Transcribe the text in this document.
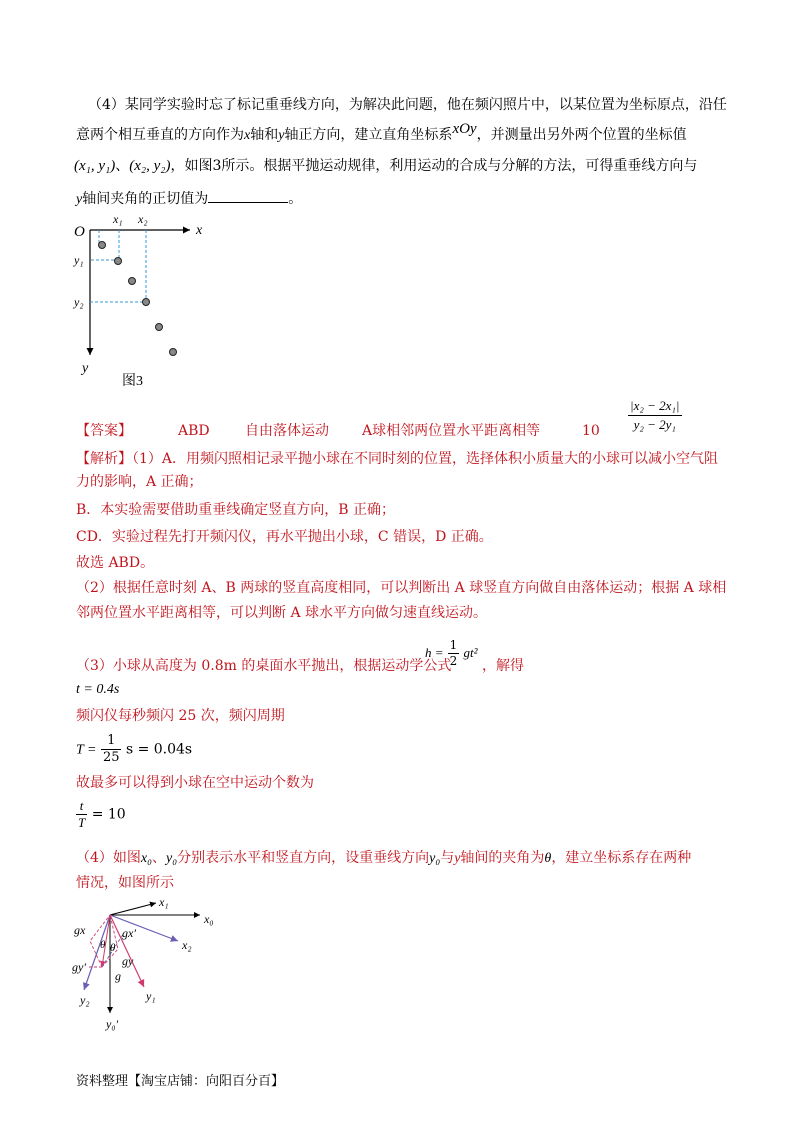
（4）某同学实验时忘了标记重垂线方向，为解决此问题，他在频闪照片中，以某位置为坐标原点，沿任
意两个相互垂直的方向作为x轴和y轴正方向，建立直角坐标系xOy，并测量出另外两个位置的坐标值
(x₁, y₁)、(x₂, y₂)，如图3所示。根据平抛运动规律，利用运动的合成与分解的方法，可得重垂线方向与
y轴间夹角的正切值为	。
O	x
y
x₁ x₂
y₁
y₂
图3
【答案】	ABD	自由落体运动 A球相邻两位置水平距离相等	$10 \frac{\text{|x₂ − 2x₁|}}{\text{y₂ − 2y₁}}$
【解析】（1）A．用频闪照相记录平抛小球在不同时刻的位置，选择体积小质量大的小球可以减小空气阻
力的影响，A 正确；
B．本实验需要借助重垂线确定竖直方向，B 正确；
CD．实验过程先打开频闪仪，再水平抛出小球，C 错误，D 正确。
故选 ABD。
（2）根据任意时刻 A、B 两球的竖直高度相同，可以判断出 A 球竖直方向做自由落体运动；根据 A 球相
邻两位置水平距离相等，可以判断 A 球水平方向做匀速直线运动。
（3）小球从高度为 0.8m 的桌面水平抛出，根据运动学公式
$h = \frac{1}{2} gt^2$
，解得
t = 0.4s
频闪仪每秒频闪 25 次，频闪周期
$T = \frac{1}{25}$ s = 0.04s
故最多可以得到小球在空中运动个数为
$\frac{t}{T} = 10$
（4）如图x₀、y₀分别表示水平和竖直方向，设重垂线方向y₀与y轴间的夹角为θ，建立坐标系存在两种
情况，如图所示
x₁
x₀
x₂
gx	gx′
θ θ
gy′	gy
g
y₂	y₁
y₀′
资料整理【淘宝店铺：向阳百分百】
